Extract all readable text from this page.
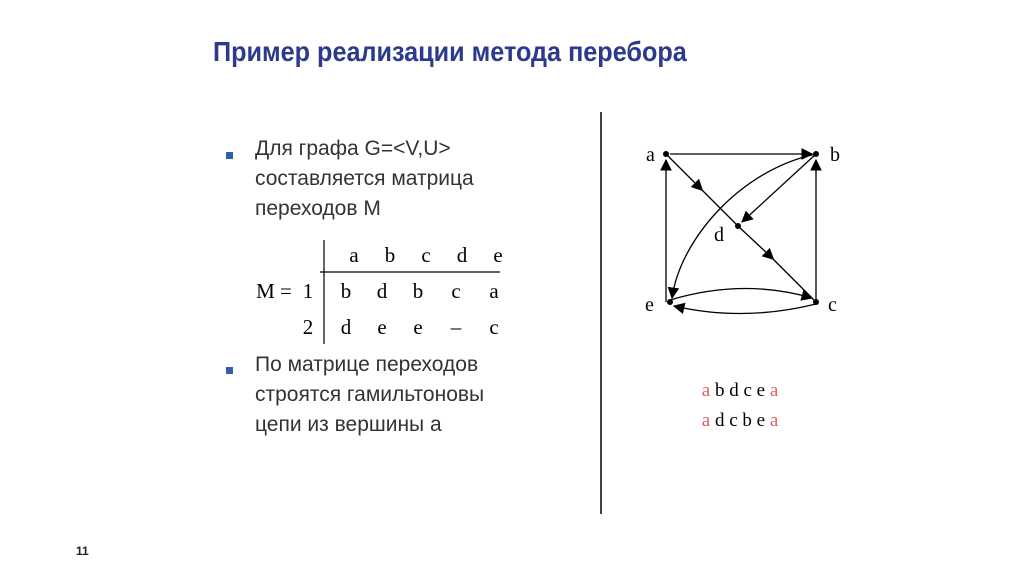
Пример реализации метода перебора
Для графа G=<V,U>
составляется матрица
переходов M
a	b	c	d	e
M = 1	b	d	b	c	a
2	d	e	e	–	c
По матрице переходов
строятся гамильтоновы
цепи из вершины a
a	b
c
d
e
a b d c e a
a d c b e a
11
